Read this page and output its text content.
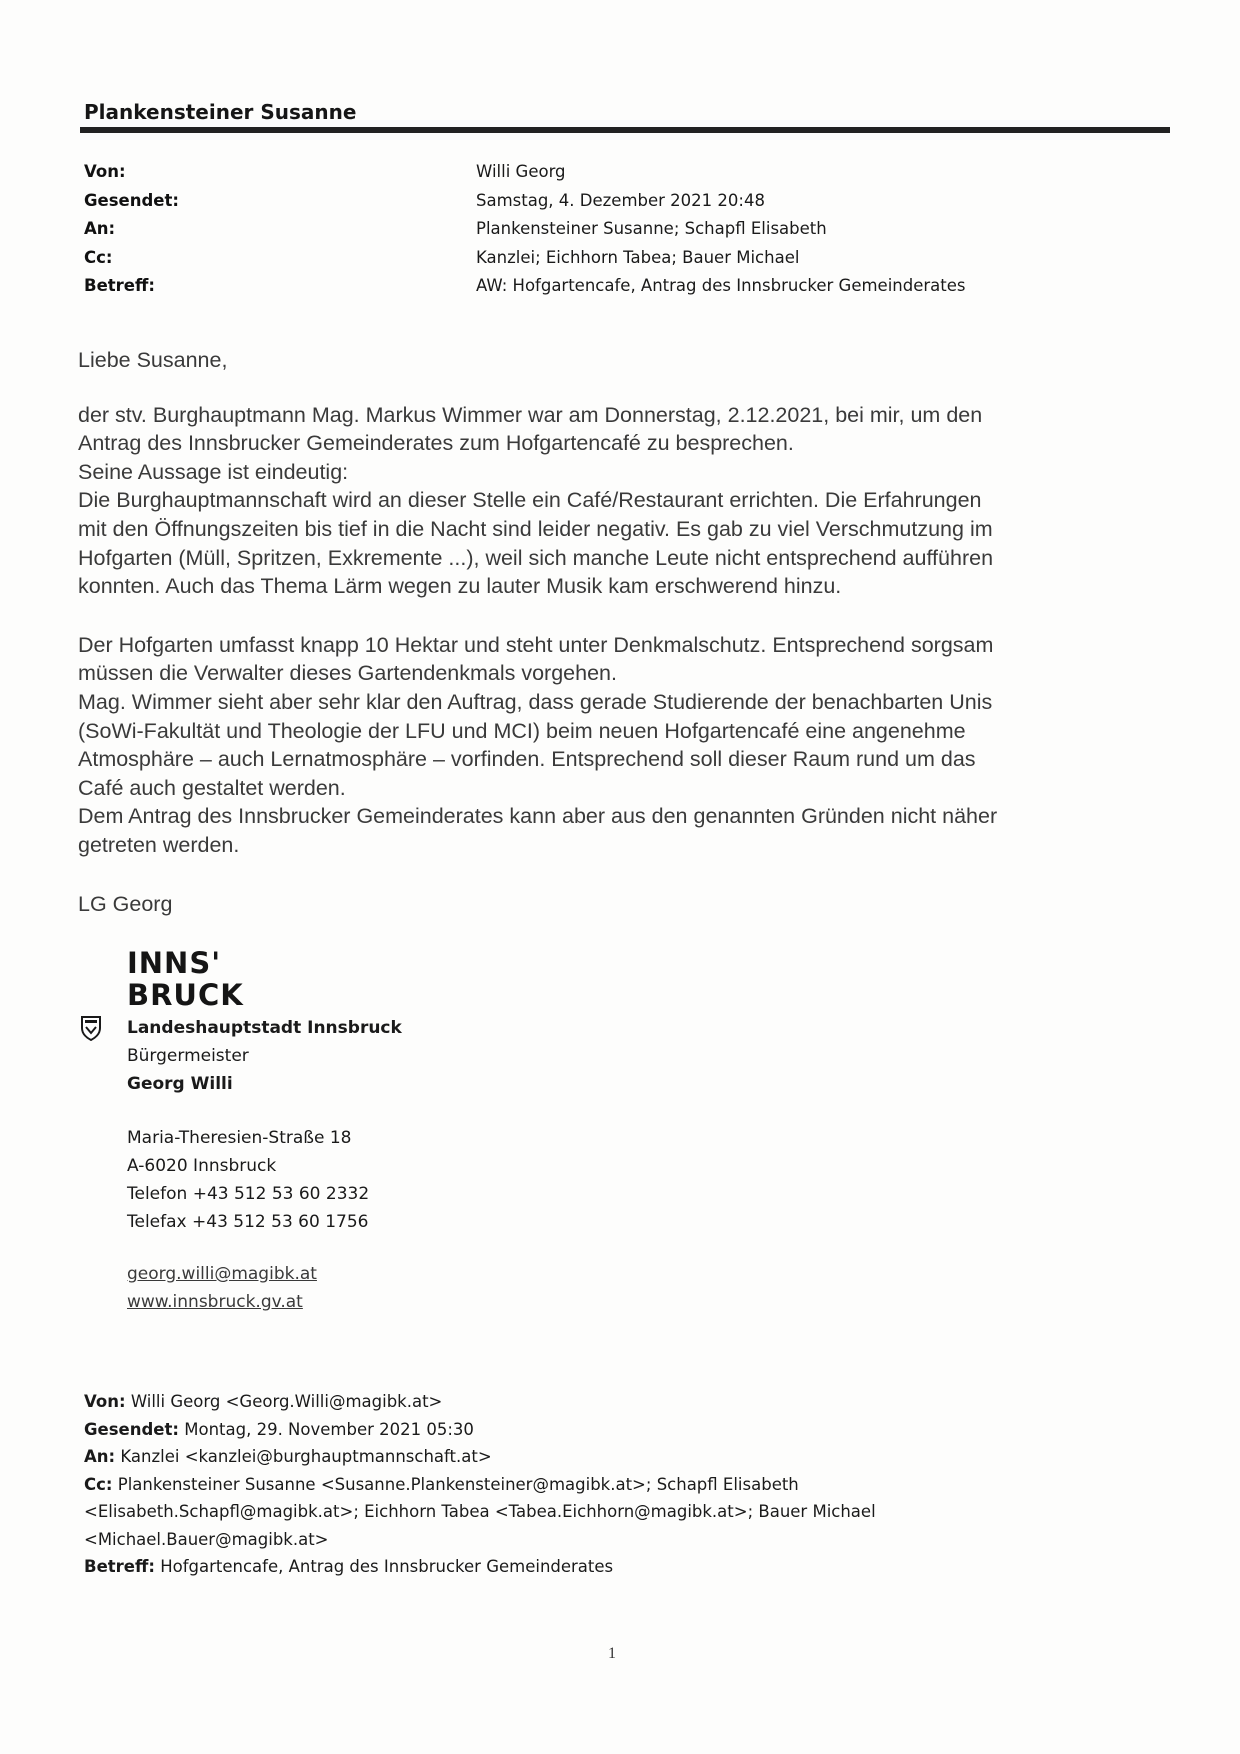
Plankensteiner Susanne
Von:	Willi Georg
Gesendet:	Samstag, 4. Dezember 2021 20:48
An:	Plankensteiner Susanne; Schapfl Elisabeth
Cc:	Kanzlei; Eichhorn Tabea; Bauer Michael
Betreff:	AW: Hofgartencafe, Antrag des Innsbrucker Gemeinderates

Liebe Susanne,

der stv. Burghauptmann Mag. Markus Wimmer war am Donnerstag, 2.12.2021, bei mir, um den

Antrag des Innsbrucker Gemeinderates zum Hofgartencafé zu besprechen.

Seine Aussage ist eindeutig:

Die Burghauptmannschaft wird an dieser Stelle ein Café/Restaurant errichten. Die Erfahrungen

mit den Öffnungszeiten bis tief in die Nacht sind leider negativ. Es gab zu viel Verschmutzung im

Hofgarten (Müll, Spritzen, Exkremente ...), weil sich manche Leute nicht entsprechend aufführen

konnten. Auch das Thema Lärm wegen zu lauter Musik kam erschwerend hinzu.

Der Hofgarten umfasst knapp 10 Hektar und steht unter Denkmalschutz. Entsprechend sorgsam

müssen die Verwalter dieses Gartendenkmals vorgehen.

Mag. Wimmer sieht aber sehr klar den Auftrag, dass gerade Studierende der benachbarten Unis

(SoWi-Fakultät und Theologie der LFU und MCI) beim neuen Hofgartencafé eine angenehme

Atmosphäre – auch Lernatmosphäre – vorfinden. Entsprechend soll dieser Raum rund um das

Café auch gestaltet werden.

Dem Antrag des Innsbrucker Gemeinderates kann aber aus den genannten Gründen nicht näher

getreten werden.

LG Georg

INNS'
BRUCK
Landeshauptstadt Innsbruck
Bürgermeister
Georg Willi
Maria-Theresien-Straße 18
A-6020 Innsbruck
Telefon +43 512 53 60 2332
Telefax +43 512 53 60 1756
georg.willi@magibk.at
www.innsbruck.gv.at
Von: Willi Georg <Georg.Willi@magibk.at>
Gesendet: Montag, 29. November 2021 05:30
An: Kanzlei <kanzlei@burghauptmannschaft.at>
Cc: Plankensteiner Susanne <Susanne.Plankensteiner@magibk.at>; Schapfl Elisabeth
<Elisabeth.Schapfl@magibk.at>; Eichhorn Tabea <Tabea.Eichhorn@magibk.at>; Bauer Michael
<Michael.Bauer@magibk.at>
Betreff: Hofgartencafe, Antrag des Innsbrucker Gemeinderates
1
